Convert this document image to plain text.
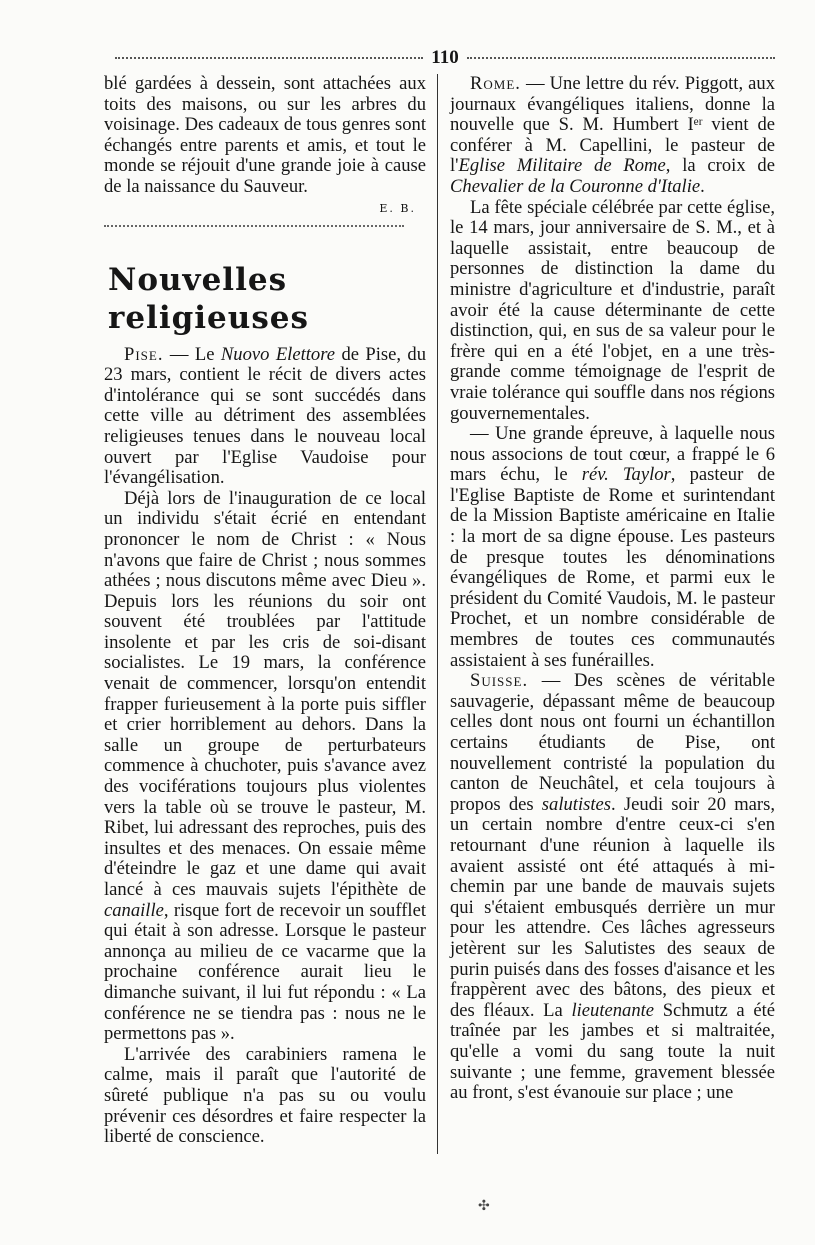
110

blé gardées à dessein, sont attachées aux toits des maisons, ou sur les arbres du voisinage. Des cadeaux de tous genres sont échangés entre parents et amis, et tout le monde se réjouit d'une grande joie à cause de la naissance du Sauveur.

E. B.
Nouvelles religieuses

Pise. — Le Nuovo Elettore de Pise, du 23 mars, contient le récit de divers actes d'intolérance qui se sont succédés dans cette ville au détriment des assemblées religieuses tenues dans le nouveau local ouvert par l'Eglise Vaudoise pour l'évangélisation.

Déjà lors de l'inauguration de ce local un individu s'était écrié en entendant prononcer le nom de Christ : « Nous n'avons que faire de Christ ; nous sommes athées ; nous discutons même avec Dieu ». Depuis lors les réunions du soir ont souvent été troublées par l'attitude insolente et par les cris de soi-disant socialistes. Le 19 mars, la conférence venait de commencer, lorsqu'on entendit frapper furieusement à la porte puis siffler et crier horriblement au dehors. Dans la salle un groupe de perturbateurs commence à chuchoter, puis s'avance avez des vociférations toujours plus violentes vers la table où se trouve le pasteur, M. Ribet, lui adressant des reproches, puis des insultes et des menaces. On essaie même d'éteindre le gaz et une dame qui avait lancé à ces mauvais sujets l'épithète de canaille, risque fort de recevoir un soufflet qui était à son adresse. Lorsque le pasteur annonça au milieu de ce vacarme que la prochaine conférence aurait lieu le dimanche suivant, il lui fut répondu : « La conférence ne se tiendra pas : nous ne le permettons pas ».

L'arrivée des carabiniers ramena le calme, mais il paraît que l'autorité de sûreté publique n'a pas su ou voulu prévenir ces désordres et faire respecter la liberté de conscience.

Rome. — Une lettre du rév. Piggott, aux journaux évangéliques italiens, donne la nouvelle que S. M. Humbert Iᵉʳ vient de conférer à M. Capellini, le pasteur de l'Eglise Militaire de Rome, la croix de Chevalier de la Couronne d'Italie.

La fête spéciale célébrée par cette église, le 14 mars, jour anniversaire de S. M., et à laquelle assistait, entre beaucoup de personnes de distinction la dame du ministre d'agriculture et d'industrie, paraît avoir été la cause déterminante de cette distinction, qui, en sus de sa valeur pour le frère qui en a été l'objet, en a une très-grande comme témoignage de l'esprit de vraie tolérance qui souffle dans nos régions gouvernementales.

— Une grande épreuve, à laquelle nous nous associons de tout cœur, a frappé le 6 mars échu, le rév. Taylor, pasteur de l'Eglise Baptiste de Rome et surintendant de la Mission Baptiste américaine en Italie : la mort de sa digne épouse. Les pasteurs de presque toutes les dénominations évangéliques de Rome, et parmi eux le président du Comité Vaudois, M. le pasteur Prochet, et un nombre considérable de membres de toutes ces communautés assistaient à ses funérailles.

Suisse. — Des scènes de véritable sauvagerie, dépassant même de beaucoup celles dont nous ont fourni un échantillon certains étudiants de Pise, ont nouvellement contristé la population du canton de Neuchâtel, et cela toujours à propos des salutistes. Jeudi soir 20 mars, un certain nombre d'entre ceux-ci s'en retournant d'une réunion à laquelle ils avaient assisté ont été attaqués à mi-chemin par une bande de mauvais sujets qui s'étaient embusqués derrière un mur pour les attendre. Ces lâches agresseurs jetèrent sur les Salutistes des seaux de purin puisés dans des fosses d'aisance et les frappèrent avec des bâtons, des pieux et des fléaux. La lieutenante Schmutz a été traînée par les jambes et si maltraitée, qu'elle a vomi du sang toute la nuit suivante ; une femme, gravement blessée au front, s'est évanouie sur place ; une

✣
